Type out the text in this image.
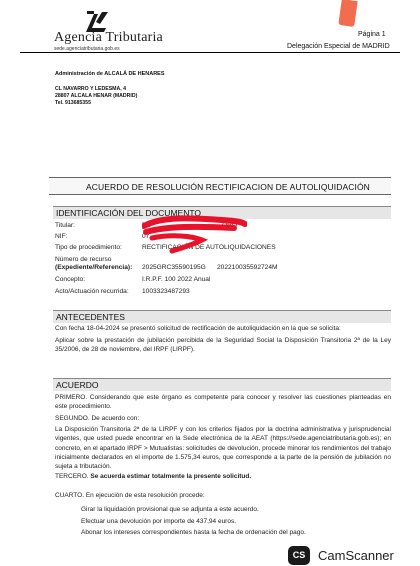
Agencia Tributaria
sede.agenciatributaria.gob.es
Página 1
Delegación Especial de MADRID
Administración de ALCALÁ DE HENARES
CL NAVARRO Y LEDESMA, 4
28807 ALCALA HENAR (MADRID)
Tel. 913685355
ACUERDO DE RESOLUCIÓN RECTIFICACION DE AUTOLIQUIDACIÓN
IDENTIFICACIÓN DEL DOCUMENTO
Titular:	BL	ORO
NIF:	07
Tipo de procedimiento:	RECTIFICACIÓN DE AUTOLIQUIDACIONES
Número de recurso
(Expediente/Referencia): 2025GRC35590195G 202210035592724M
Concepto:	I.R.P.F. 100 2022 Anual
Acto/Actuación recurrida: 1003323487293
ANTECEDENTES
Con fecha 18-04-2024 se presentó solicitud de rectificación de autoliquidación en la que se solicita:
Aplicar sobre la prestación de jubilación percibida de la Seguridad Social la Disposición Transitoria 2ª de la Ley 35/2006, de 28 de noviembre, del IRPF (LIRPF).
ACUERDO
PRIMERO. Considerando que este órgano es competente para conocer y resolver las cuestiones planteadas en este procedimiento.
SEGUNDO. De acuerdo con:
La Disposición Transitoria 2ª de la LIRPF y con los criterios fijados por la doctrina administrativa y jurisprudencial vigentes, que usted puede encontrar en la Sede electrónica de la AEAT (https://sede.agenciatributaria.gob.es); en concreto, en el apartado IRPF > Mutualistas: solicitudes de devolución, procede minorar los rendimientos del trabajo inicialmente declarados en el importe de 1.575,34 euros, que corresponde a la parte de la pensión de jubilación no sujeta a tributación.
TERCERO. Se acuerda estimar totalmente la presente solicitud.
CUARTO. En ejecución de esta resolución procede:
Girar la liquidación provisional que se adjunta a este acuerdo.
Efectuar una devolución por importe de 437,94 euros.
Abonar los intereses correspondientes hasta la fecha de ordenación del pago.
CS CamScanner
